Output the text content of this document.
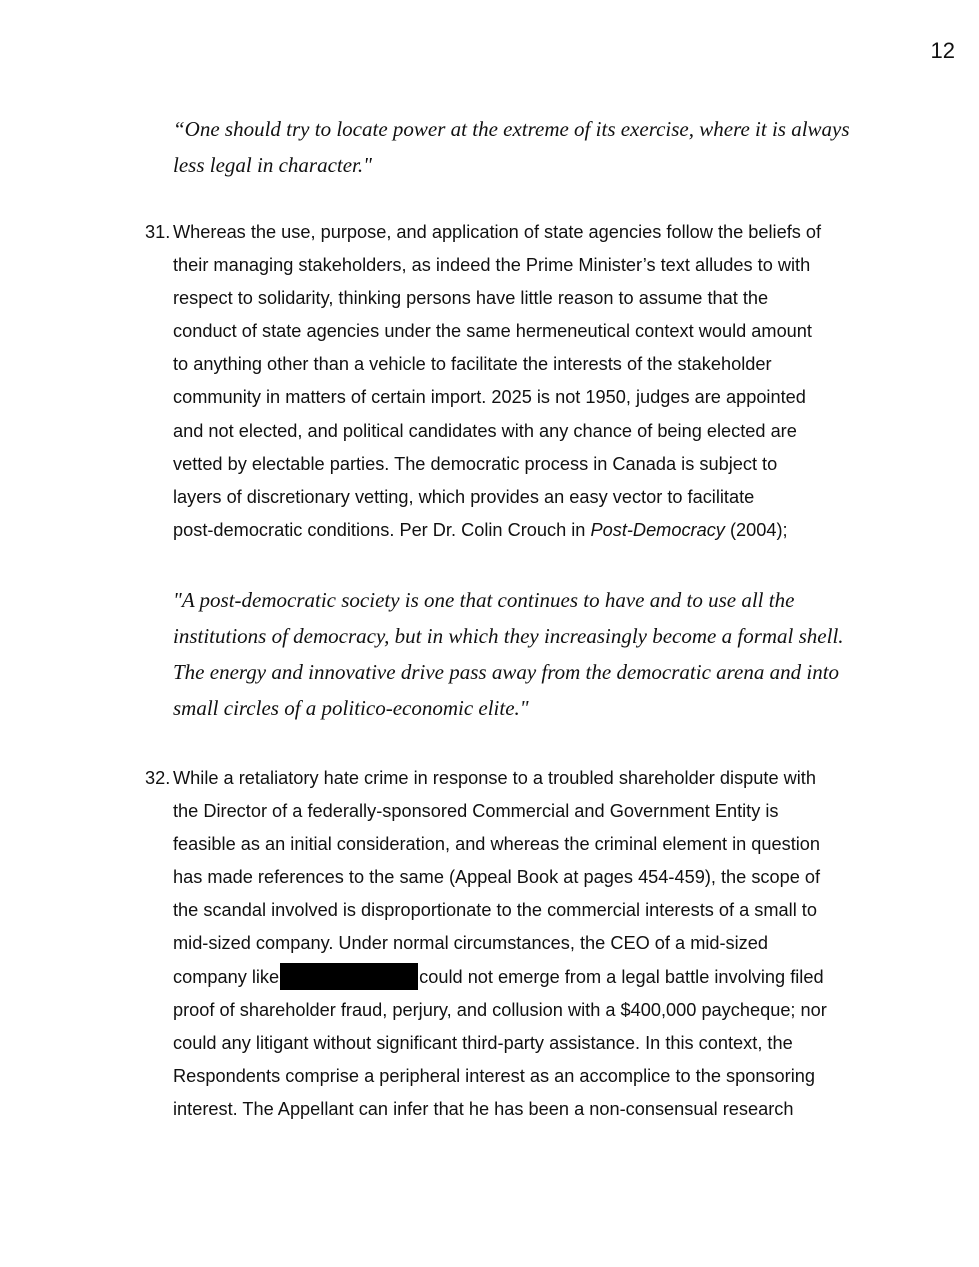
12
“One should try to locate power at the extreme of its exercise, where it is always
less legal in character."
31. Whereas the use, purpose, and application of state agencies follow the beliefs of
their managing stakeholders, as indeed the Prime Minister’s text alludes to with
respect to solidarity, thinking persons have little reason to assume that the
conduct of state agencies under the same hermeneutical context would amount
to anything other than a vehicle to facilitate the interests of the stakeholder
community in matters of certain import. 2025 is not 1950, judges are appointed
and not elected, and political candidates with any chance of being elected are
vetted by electable parties. The democratic process in Canada is subject to
layers of discretionary vetting, which provides an easy vector to facilitate
post-democratic conditions. Per Dr. Colin Crouch in Post-Democracy (2004);
"A post-democratic society is one that continues to have and to use all the
institutions of democracy, but in which they increasingly become a formal shell.
The energy and innovative drive pass away from the democratic arena and into
small circles of a politico-economic elite."
32. While a retaliatory hate crime in response to a troubled shareholder dispute with
the Director of a federally-sponsored Commercial and Government Entity is
feasible as an initial consideration, and whereas the criminal element in question
has made references to the same (Appeal Book at pages 454-459), the scope of
the scandal involved is disproportionate to the commercial interests of a small to
mid-sized company. Under normal circumstances, the CEO of a mid-sized
company like	could not emerge from a legal battle involving filed
proof of shareholder fraud, perjury, and collusion with a $400,000 paycheque; nor
could any litigant without significant third-party assistance. In this context, the
Respondents comprise a peripheral interest as an accomplice to the sponsoring
interest. The Appellant can infer that he has been a non-consensual research
